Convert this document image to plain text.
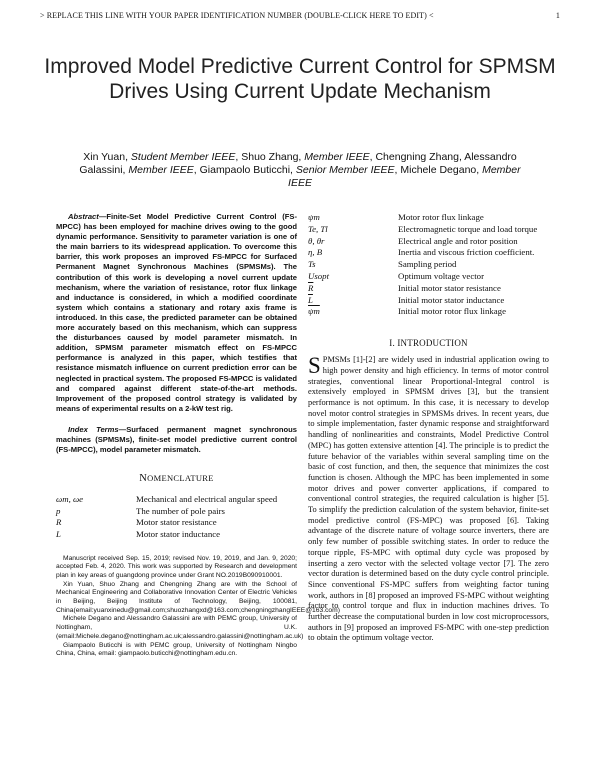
> REPLACE THIS LINE WITH YOUR PAPER IDENTIFICATION NUMBER (DOUBLE-CLICK HERE TO EDIT) <	1
Improved Model Predictive Current Control for SPMSM Drives Using Current Update Mechanism
Xin Yuan, Student Member IEEE, Shuo Zhang, Member IEEE, Chengning Zhang, Alessandro Galassini, Member IEEE, Giampaolo Buticchi, Senior Member IEEE, Michele Degano, Member IEEE

Abstract—Finite-Set Model Predictive Current Control (FS-MPCC) has been employed for machine drives owing to the good dynamic performance. Sensitivity to parameter variation is one of the main barriers to its widespread application. To overcome this barrier, this work proposes an improved FS-MPCC for Surfaced Permanent Magnet Synchronous Machines (SPMSMs). The contribution of this work is developing a novel current update mechanism, where the variation of resistance, rotor flux linkage and inductance is considered, in which a modified coordinate system which contains a stationary and rotary axis frame is introduced. In this case, the predicted parameter can be obtained more accurately based on this mechanism, which can suppress the disturbances caused by model parameter mismatch. In addition, SPMSM parameter mismatch effect on FS-MPCC performance is analyzed in this paper, which testifies that resistance mismatch influence on current prediction error can be neglected in practical system. The proposed FS-MPCC is validated and compared against different state-of-the-art methods. Improvement of the proposed control strategy is validated by means of experimental results on a 2-kW test rig.

Index Terms—Surfaced permanent magnet synchronous machines (SPMSMs), finite-set model predictive current control (FS-MPCC), model parameter mismatch.

NOMENCLATURE
ωm, ωe	Mechanical and electrical angular speed
p	The number of pole pairs
R	Motor stator resistance
L	Motor stator inductance

Manuscript received Sep. 15, 2019; revised Nov. 19, 2019, and Jan. 9, 2020; accepted Feb. 4, 2020. This work was supported by Research and development plan in key areas of guangdong province under Grant NO.2019B090910001.

Xin Yuan, Shuo Zhang and Chengning Zhang are with the School of Mechanical Engineering and Collaborative Innovation Center of Electric Vehicles in Beijing, Beijing Institute of Technology, Beijing, 100081, China(email:yuanxinedu@gmail.com;shuozhangxd@163.com;chengningzhangIEEE@163.com)

Michele Degano and Alessandro Galassini are with PEMC group, University of Nottingham, U.K. (email:Michele.degano@nottingham.ac.uk;alessandro.galassini@nottingham.ac.uk)

Giampaolo Buticchi is with PEMC group, University of Nottingham Ningbo China, China, email: giampaolo.buticchi@nottingham.edu.cn.

ψm	Motor rotor flux linkage
Te, Tl	Electromagnetic torque and load torque
θ, θr	Electrical angle and rotor position
η, B	Inertia and viscous friction coefficient.
Ts	Sampling period
Usopt	Optimum voltage vector
$\overline{R}$	Initial motor stator resistance
$\overline{L}$	Initial motor stator inductance
$\overline{\psi m}$	Initial motor rotor flux linkage
I. INTRODUCTION

S PMSMs [1]-[2] are widely used in industrial application owing to high power density and high efficiency. In terms of motor control strategies, conventional linear Proportional-Integral control is extensively employed in SPMSM drives [3], but the transient performance is not optimum. In this case, it is necessary to develop novel motor control strategies in SPMSMs drives. In recent years, due to simple implementation, faster dynamic response and straightforward handling of nonlinearities and constraints, Model Predictive Control (MPC) has gotten extensive attention [4]. The principle is to predict the future behavior of the variables within several sampling time on the basic of cost function, and then, the sequence that minimizes the cost function is chosen. Although the MPC has been implemented in some motor drives and power converter applications, if compared to conventional control strategies, the required calculation is higher [5]. To simplify the prediction calculation of the system behavior, finite-set model predictive control (FS-MPC) was proposed [6]. Taking advantage of the discrete nature of voltage source inverters, there are only few number of possible switching states. In order to reduce the torque ripple, FS-MPC with optimal duty cycle was proposed by inserting a zero vector with the selected voltage vector [7]. The zero vector duration is determined based on the duty cycle control principle. Since conventional FS-MPC suffers from weighting factor tuning work, authors in [8] proposed an improved FS-MPC without weighting factor to control torque and flux in induction machines drives. To further decrease the computational burden in low cost microprocessors, authors in [9] proposed an improved FS-MPC with one-step prediction to obtain the optimum voltage vector.
